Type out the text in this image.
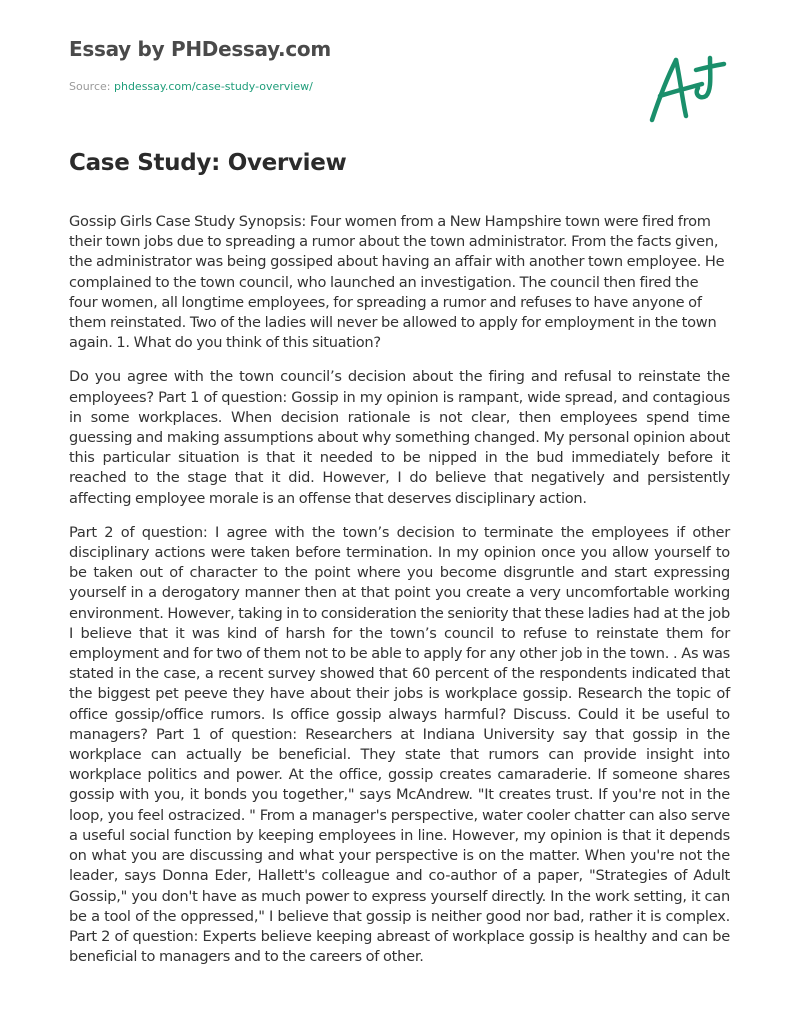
Essay by PHDessay.com
Source: phdessay.com/case-study-overview/
Case Study: Overview

Gossip Girls Case Study Synopsis: Four women from a New Hampshire town were fired from their town jobs due to spreading a rumor about the town administrator. From the facts given, the administrator was being gossiped about having an affair with another town employee. He complained to the town council, who launched an investigation. The council then fired the four women, all longtime employees, for spreading a rumor and refuses to have anyone of them reinstated. Two of the ladies will never be allowed to apply for employment in the town again. 1. What do you think of this situation?

Do you agree with the town council’s decision about the firing and refusal to reinstate the employees? Part 1 of question: Gossip in my opinion is rampant, wide spread, and contagious in some workplaces. When decision rationale is not clear, then employees spend time guessing and making assumptions about why something changed. My personal opinion about this particular situation is that it needed to be nipped in the bud immediately before it reached to the stage that it did. However, I do believe that negatively and persistently affecting employee morale is an offense that deserves disciplinary action.

Part 2 of question: I agree with the town’s decision to terminate the employees if other disciplinary actions were taken before termination. In my opinion once you allow yourself to be taken out of character to the point where you become disgruntle and start expressing yourself in a derogatory manner then at that point you create a very uncomfortable working environment. However, taking in to consideration the seniority that these ladies had at the job I believe that it was kind of harsh for the town’s council to refuse to reinstate them for employment and for two of them not to be able to apply for any other job in the town. . As was stated in the case, a recent survey showed that 60 percent of the respondents indicated that the biggest pet peeve they have about their jobs is workplace gossip. Research the topic of office gossip/office rumors. Is office gossip always harmful? Discuss. Could it be useful to managers? Part 1 of question: Researchers at Indiana University say that gossip in the workplace can actually be beneficial. They state that rumors can provide insight into workplace politics and power. At the office, gossip creates camaraderie. If someone shares gossip with you, it bonds you together," says McAndrew. "It creates trust. If you're not in the loop, you feel ostracized. " From a manager's perspective, water cooler chatter can also serve a useful social function by keeping employees in line. However, my opinion is that it depends on what you are discussing and what your perspective is on the matter. When you're not the leader, says Donna Eder, Hallett's colleague and co-author of a paper, "Strategies of Adult Gossip," you don't have as much power to express yourself directly. In the work setting, it can be a tool of the oppressed," I believe that gossip is neither good nor bad, rather it is complex. Part 2 of question: Experts believe keeping abreast of workplace gossip is healthy and can be beneficial to managers and to the careers of other.
